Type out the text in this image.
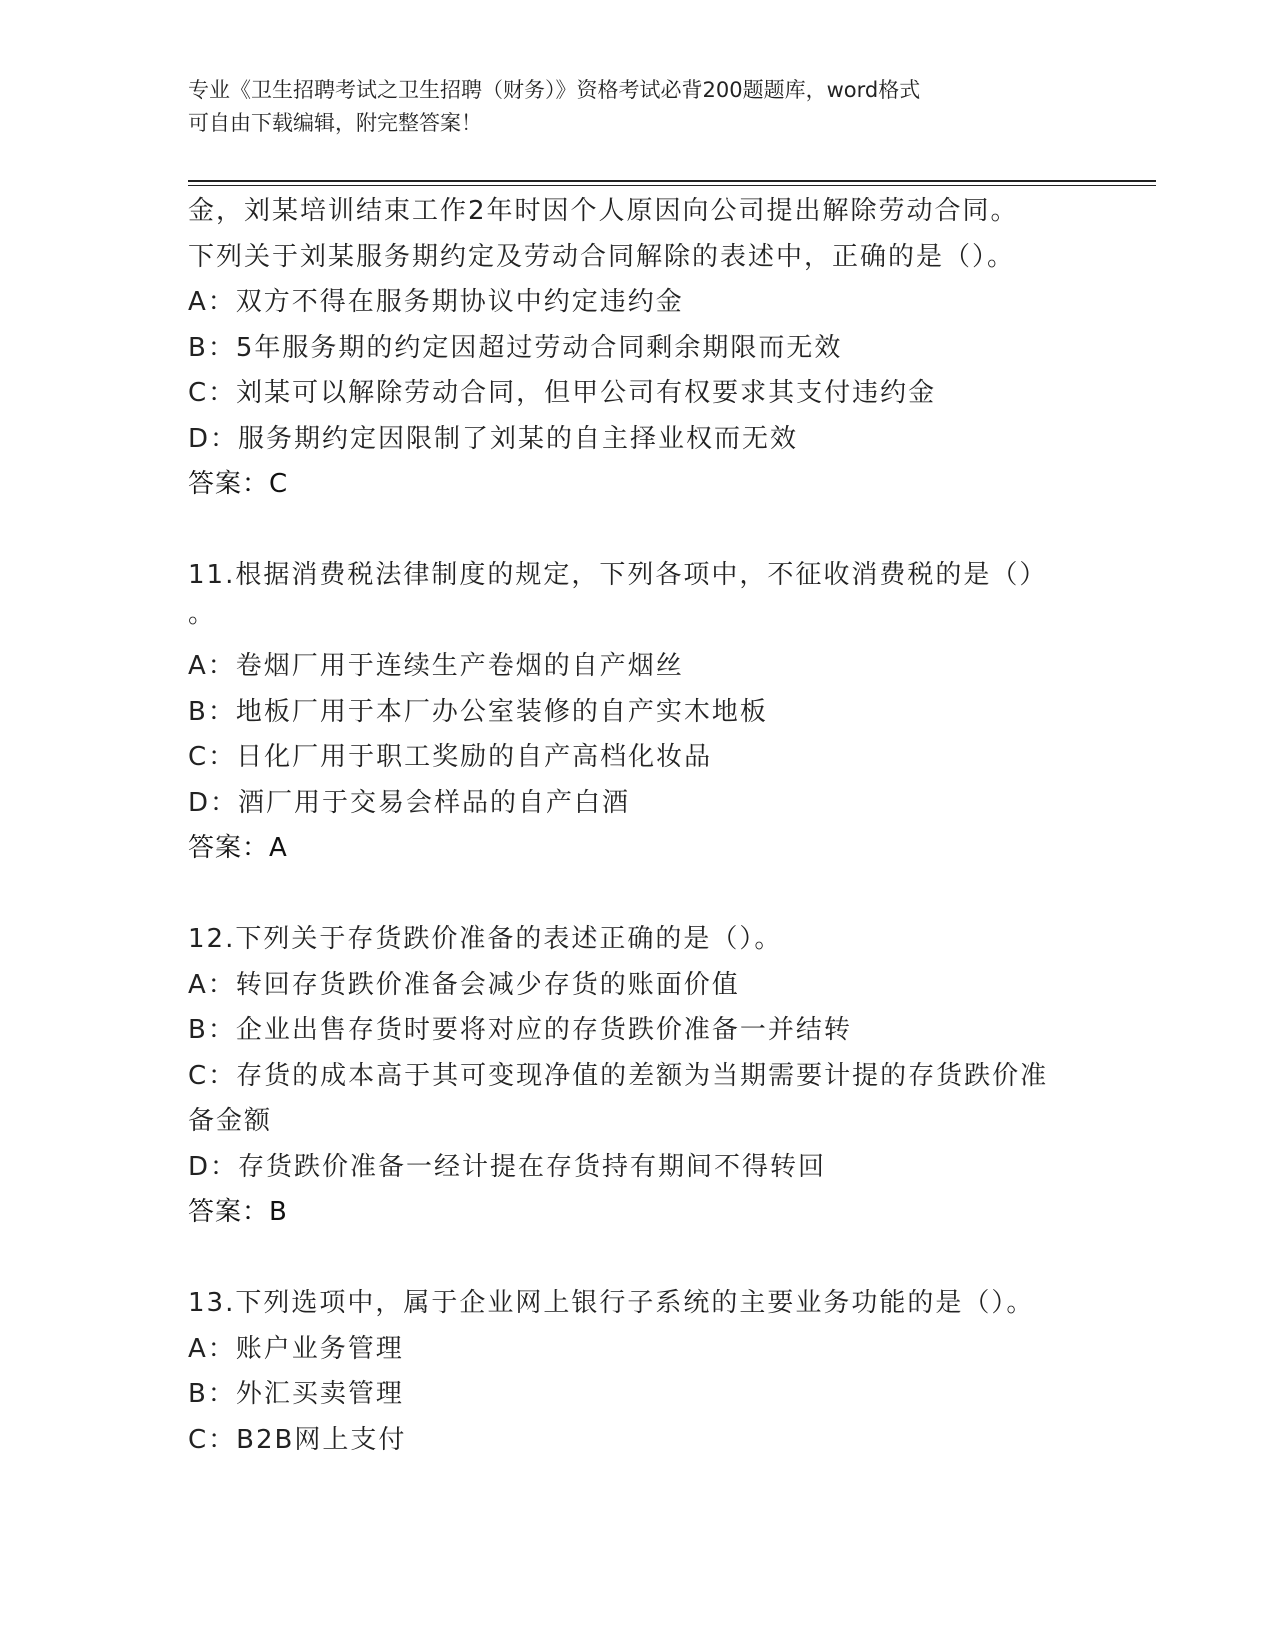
专业《卫生招聘考试之卫生招聘（财务）》资格考试必背200题题库，word格式
可自由下载编辑，附完整答案！
金，刘某培训结束工作2年时因个人原因向公司提出解除劳动合同。
下列关于刘某服务期约定及劳动合同解除的表述中，正确的是（）。
A：双方不得在服务期协议中约定违约金
B：5年服务期的约定因超过劳动合同剩余期限而无效
C：刘某可以解除劳动合同，但甲公司有权要求其支付违约金
D：服务期约定因限制了刘某的自主择业权而无效
答案：C
11.根据消费税法律制度的规定，下列各项中，不征收消费税的是（）
。
A：卷烟厂用于连续生产卷烟的自产烟丝
B：地板厂用于本厂办公室装修的自产实木地板
C：日化厂用于职工奖励的自产高档化妆品
D：酒厂用于交易会样品的自产白酒
答案：A
12.下列关于存货跌价准备的表述正确的是（）。
A：转回存货跌价准备会减少存货的账面价值
B：企业出售存货时要将对应的存货跌价准备一并结转
C：存货的成本高于其可变现净值的差额为当期需要计提的存货跌价准
备金额
D：存货跌价准备一经计提在存货持有期间不得转回
答案：B
13.下列选项中，属于企业网上银行子系统的主要业务功能的是（）。
A：账户业务管理
B：外汇买卖管理
C：B2B网上支付
